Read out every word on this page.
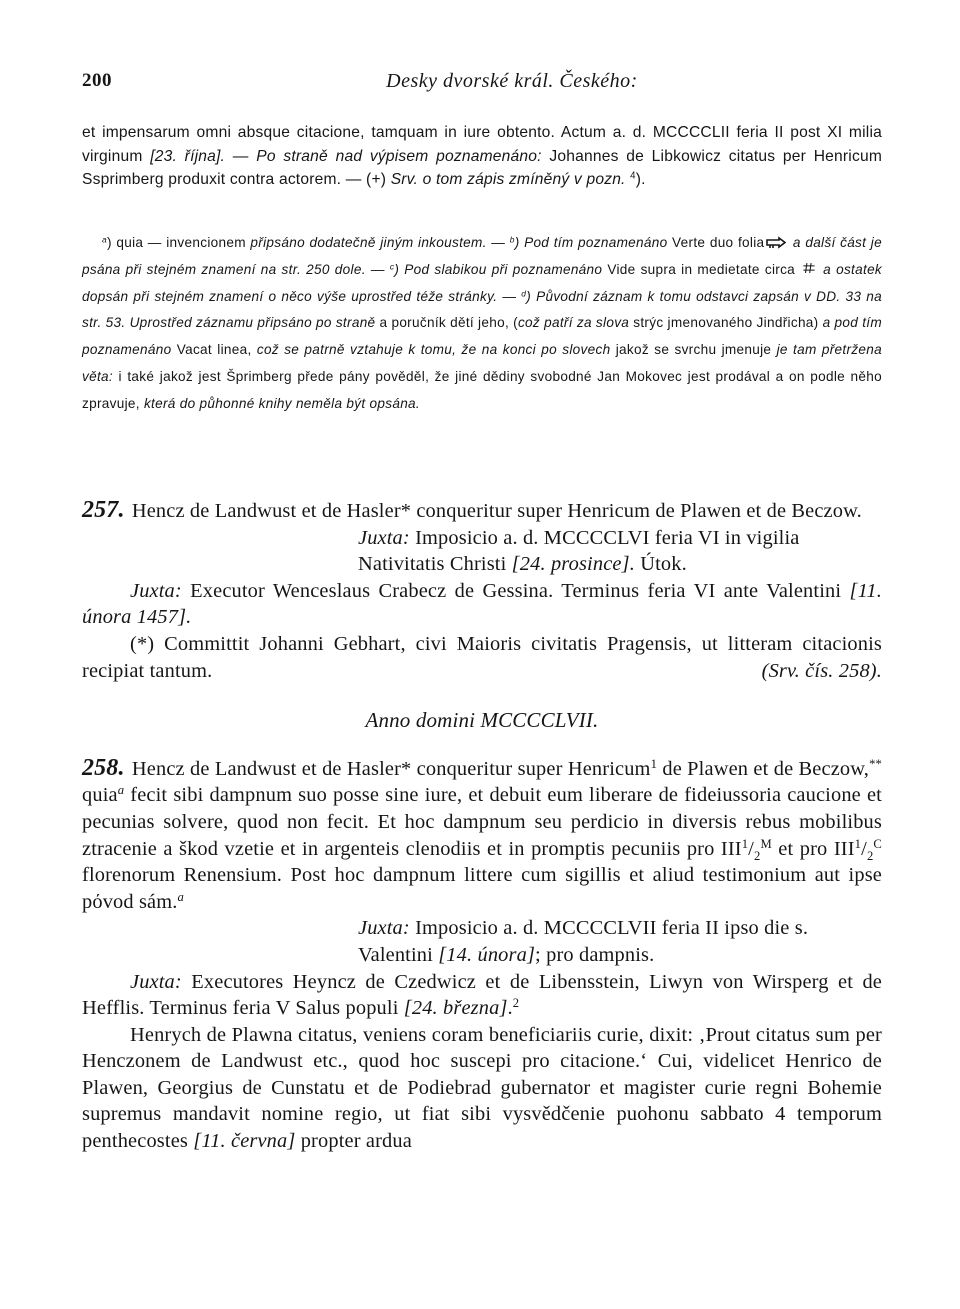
200	Desky dvorské král. Českého:

et impensarum omni absque citacione, tamquam in iure obtento. Actum a. d. MCCCCLII feria II post XI milia virginum [23. října]. — Po straně nad výpisem poznamenáno: Johannes de Libkowicz citatus per Henricum Ssprimberg produxit contra actorem. — (+) Srv. o tom zápis zmíněný v pozn. $^4$).

$^a$) quia — invencionem připsáno dodatečně jiným inkoustem. — $^b$) Pod tím poznamenáno Verte duo folia a další část je psána při stejném znamení na str. 250 dole. — $^c$) Pod slabikou při poznamenáno Vide supra in medietate circa  a ostatek dopsán při stejném znamení o něco výše uprostřed téže stránky. — $^d$) Původní záznam k tomu odstavci zapsán v DD. 33 na str. 53. Uprostřed záznamu připsáno po straně a poručník dětí jeho, (což patří za slova strýc jmenovaného Jindřicha) a pod tím poznamenáno Vacat linea, což se patrně vztahuje k tomu, že na konci po slovech jakož se svrchu jmenuje je tam přetržena věta: i také jakož jest Šprimberg přede pány pověděl, že jiné dědiny svobodné Jan Mokovec jest prodával a on podle něho zpravuje, která do půhonné knihy neměla být opsána.

257. Hencz de Landwust et de Hasler* conqueritur super Henricum de Plawen et de Beczow.

Juxta: Imposicio a. d. MCCCCLVI feria VI in vigilia Nativitatis Christi [24. prosince]. Útok.

Juxta: Executor Wenceslaus Crabecz de Gessina. Terminus feria VI ante Valentini [11. února 1457].

(*) Committit Johanni Gebhart, civi Maioris civitatis Pragensis, ut litteram citacionis recipiat tantum.	(Srv. čís. 258).

Anno domini MCCCCLVII.

258. Hencz de Landwust et de Hasler* conqueritur super Henricum$^1$ de Plawen et de Beczow,** quia$^a$ fecit sibi dampnum suo posse sine iure, et debuit eum liberare de fideiussoria caucione et pecunias solvere, quod non fecit. Et hoc dampnum seu perdicio in diversis rebus mobilibus ztracenie a škod vzetie et in argenteis clenodiis et in promptis pecuniis pro $III^1/_2^M$ et pro $III^1/_2^C$ florenorum Renensium. Post hoc dampnum littere cum sigillis et aliud testimonium aut ipse pόvod sám.$^a$

Juxta: Imposicio a. d. MCCCCLVII feria II ipso die s. Valentini [14. února]; pro dampnis.

Juxta: Executores Heyncz de Czedwicz et de Libensstein, Liwyn von Wirsperg et de Hefflis. Terminus feria V Salus populi [24. března].$^2$

Henrych de Plawna citatus, veniens coram beneficiariis curie, dixit: ‚Prout citatus sum per Henczonem de Landwust etc., quod hoc suscepi pro citacione.‘ Cui, videlicet Henrico de Plawen, Georgius de Cunstatu et de Podiebrad gubernator et magister curie regni Bohemie supremus mandavit nomine regio, ut fiat sibi vysvědčenie puohonu sabbato 4 temporum penthecostes [11. června] propter ardua
